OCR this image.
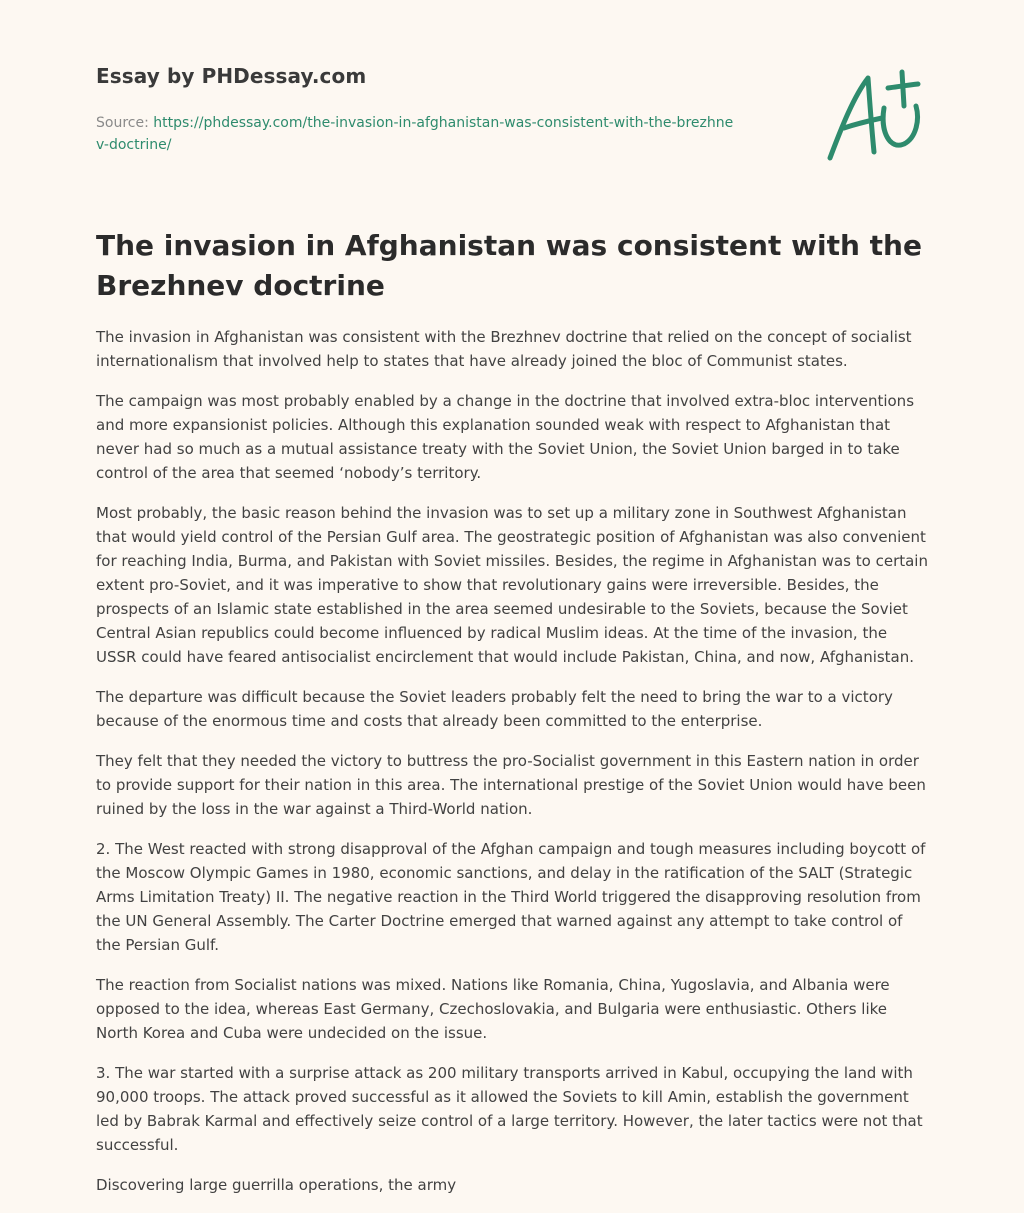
Essay by PHDessay.com
Source: https://phdessay.com/the-invasion-in-afghanistan-was-consistent-with-the-brezhnev-doctrine/
The invasion in Afghanistan was consistent with the Brezhnev doctrine

The invasion in Afghanistan was consistent with the Brezhnev doctrine that relied on the concept of socialist internationalism that involved help to states that have already joined the bloc of Communist states.

The campaign was most probably enabled by a change in the doctrine that involved extra-bloc interventions and more expansionist policies. Although this explanation sounded weak with respect to Afghanistan that never had so much as a mutual assistance treaty with the Soviet Union, the Soviet Union barged in to take control of the area that seemed ‘nobody’s territory.

Most probably, the basic reason behind the invasion was to set up a military zone in Southwest Afghanistan that would yield control of the Persian Gulf area. The geostrategic position of Afghanistan was also convenient for reaching India, Burma, and Pakistan with Soviet missiles. Besides, the regime in Afghanistan was to certain extent pro-Soviet, and it was imperative to show that revolutionary gains were irreversible. Besides, the prospects of an Islamic state established in the area seemed undesirable to the Soviets, because the Soviet Central Asian republics could become influenced by radical Muslim ideas. At the time of the invasion, the USSR could have feared antisocialist encirclement that would include Pakistan, China, and now, Afghanistan.

The departure was difficult because the Soviet leaders probably felt the need to bring the war to a victory because of the enormous time and costs that already been committed to the enterprise.

They felt that they needed the victory to buttress the pro-Socialist government in this Eastern nation in order to provide support for their nation in this area. The international prestige of the Soviet Union would have been ruined by the loss in the war against a Third-World nation.

2. The West reacted with strong disapproval of the Afghan campaign and tough measures including boycott of the Moscow Olympic Games in 1980, economic sanctions, and delay in the ratification of the SALT (Strategic Arms Limitation Treaty) II. The negative reaction in the Third World triggered the disapproving resolution from the UN General Assembly. The Carter Doctrine emerged that warned against any attempt to take control of the Persian Gulf.

The reaction from Socialist nations was mixed. Nations like Romania, China, Yugoslavia, and Albania were opposed to the idea, whereas East Germany, Czechoslovakia, and Bulgaria were enthusiastic. Others like North Korea and Cuba were undecided on the issue.

3. The war started with a surprise attack as 200 military transports arrived in Kabul, occupying the land with 90,000 troops. The attack proved successful as it allowed the Soviets to kill Amin, establish the government led by Babrak Karmal and effectively seize control of a large territory. However, the later tactics were not that successful.

Discovering large guerrilla operations, the army
